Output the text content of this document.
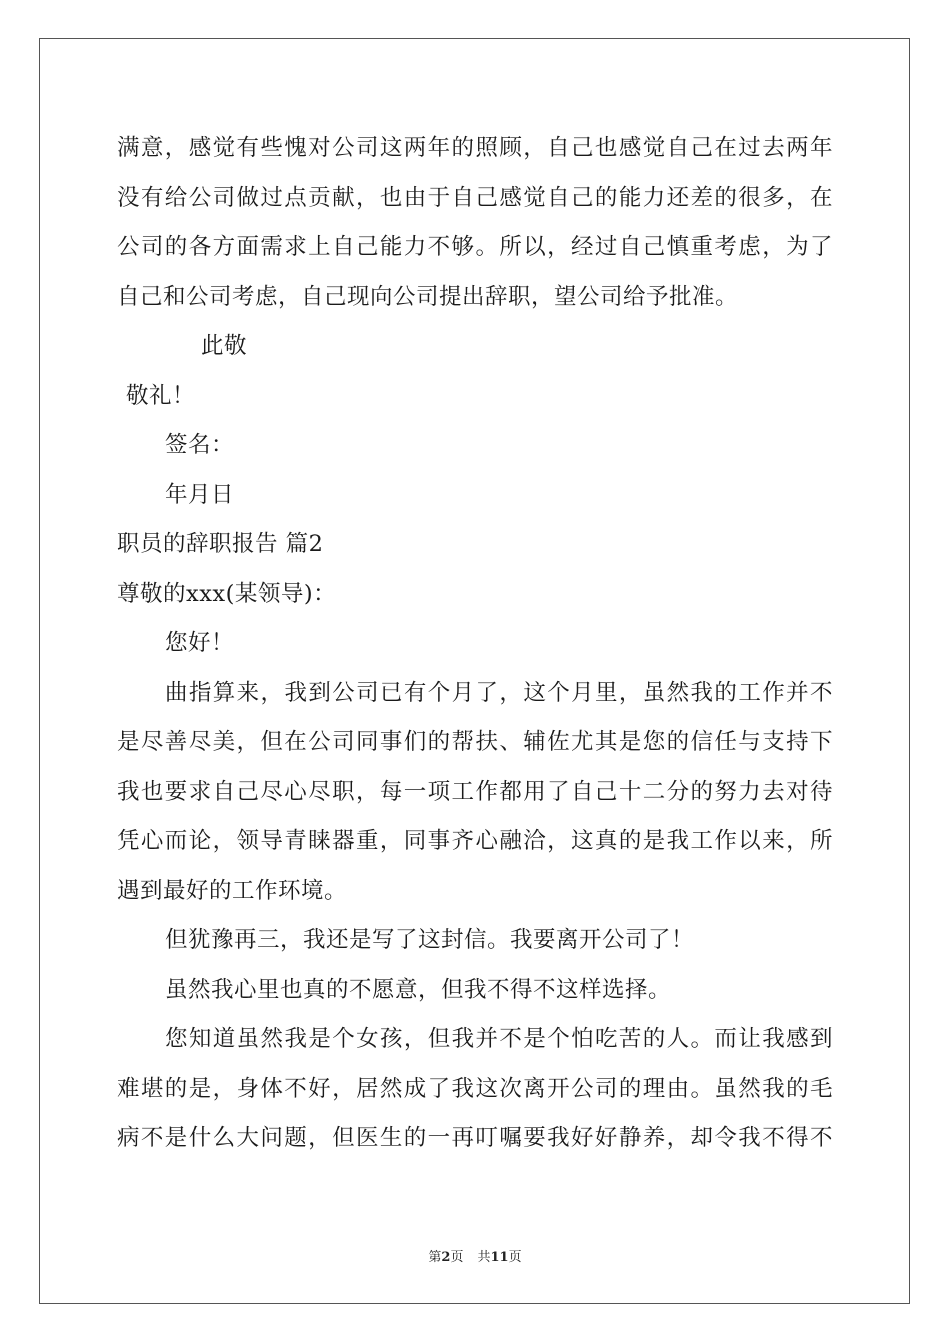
满意，感觉有些愧对公司这两年的照顾，自己也感觉自己在过去两年
没有给公司做过点贡献，也由于自己感觉自己的能力还差的很多，在
公司的各方面需求上自己能力不够。所以，经过自己慎重考虑，为了
自己和公司考虑，自己现向公司提出辞职，望公司给予批准。
此敬
敬礼！
签名：
年月日
职员的辞职报告 篇2
尊敬的xxx(某领导)：
您好！
曲指算来，我到公司已有个月了，这个月里，虽然我的工作并不
是尽善尽美，但在公司同事们的帮扶、辅佐尤其是您的信任与支持下
我也要求自己尽心尽职，每一项工作都用了自己十二分的努力去对待
凭心而论，领导青睐器重，同事齐心融洽，这真的是我工作以来，所
遇到最好的工作环境。
但犹豫再三，我还是写了这封信。我要离开公司了！
虽然我心里也真的不愿意，但我不得不这样选择。
您知道虽然我是个女孩，但我并不是个怕吃苦的人。而让我感到
难堪的是，身体不好，居然成了我这次离开公司的理由。虽然我的毛
病不是什么大问题，但医生的一再叮嘱要我好好静养，却令我不得不
第2页 共11页
